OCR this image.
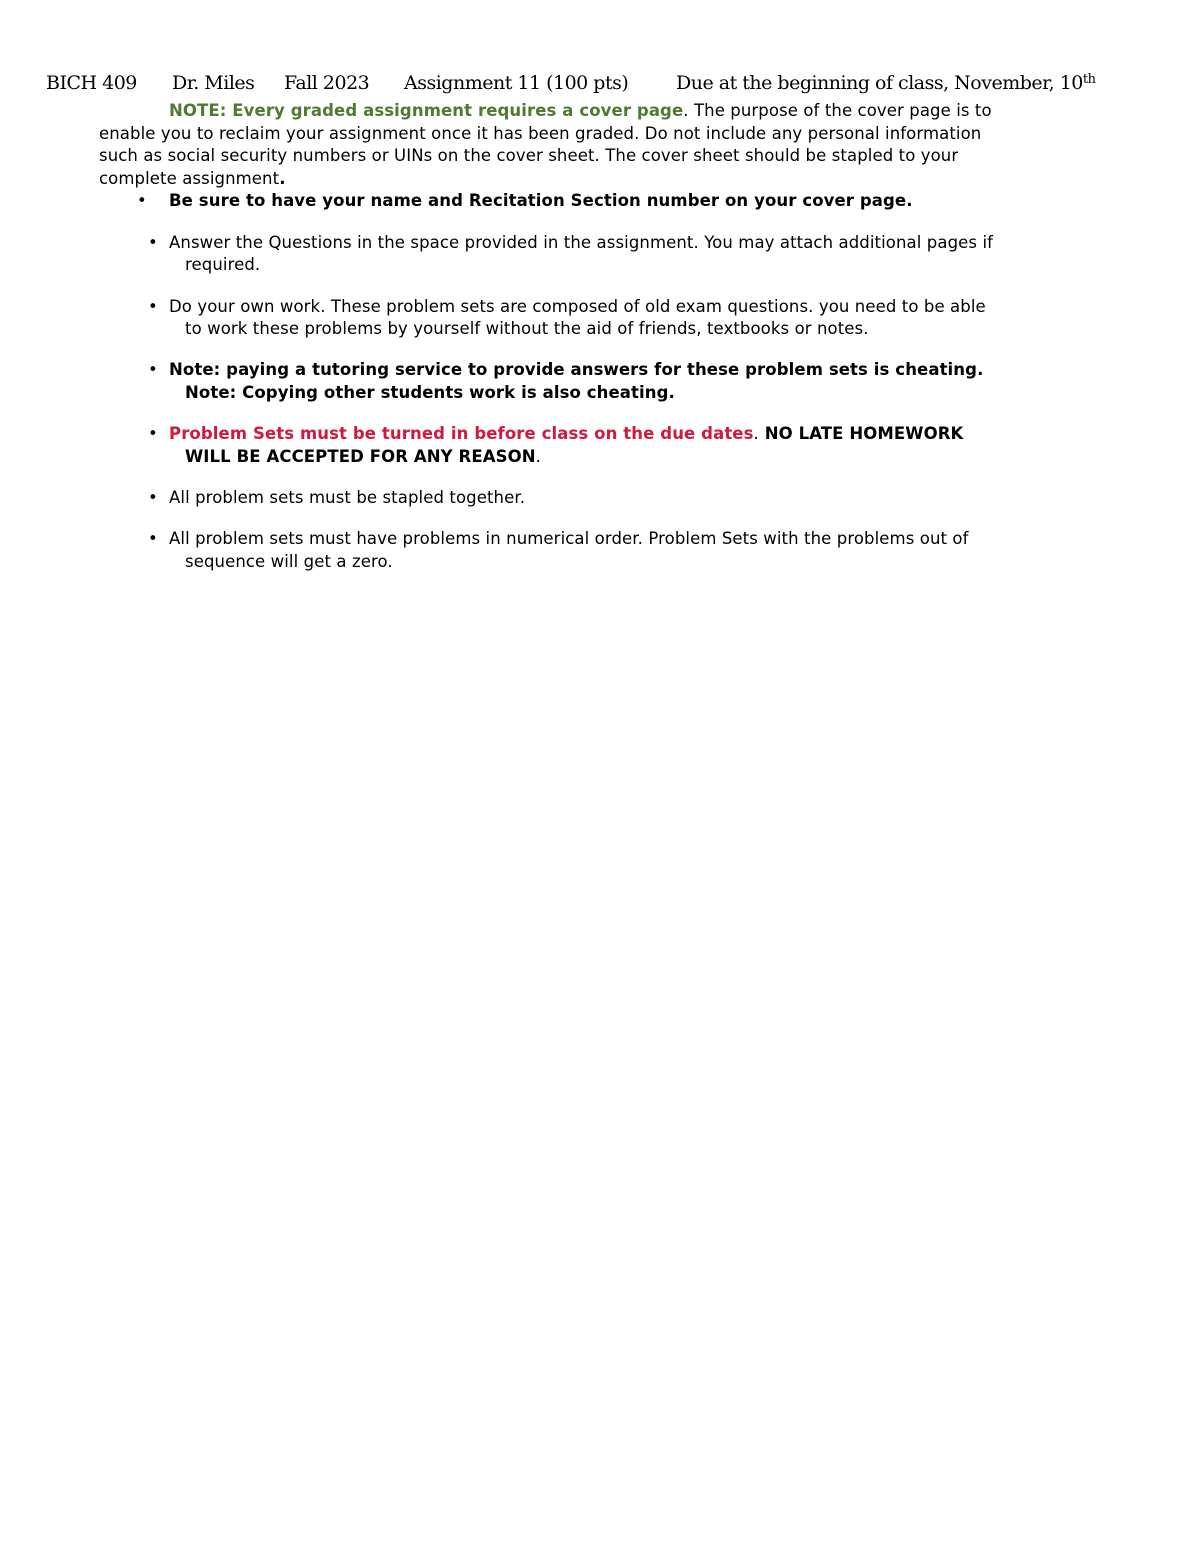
BICH 409 Dr. Miles Fall 2023 Assignment 11 (100 pts)	Due at the beginning of class, November, 10th
NOTE: Every graded assignment requires a cover page. The purpose of the cover page is to
enable you to reclaim your assignment once it has been graded. Do not include any personal information
such as social security numbers or UINs on the cover sheet. The cover sheet should be stapled to your
complete assignment.
• Be sure to have your name and Recitation Section number on your cover page.
• Answer the Questions in the space provided in the assignment. You may attach additional pages if
required.
• Do your own work. These problem sets are composed of old exam questions. you need to be able
to work these problems by yourself without the aid of friends, textbooks or notes.
• Note: paying a tutoring service to provide answers for these problem sets is cheating.
Note: Copying other students work is also cheating.
• Problem Sets must be turned in before class on the due dates. NO LATE HOMEWORK
WILL BE ACCEPTED FOR ANY REASON.
• All problem sets must be stapled together.
• All problem sets must have problems in numerical order. Problem Sets with the problems out of
sequence will get a zero.
